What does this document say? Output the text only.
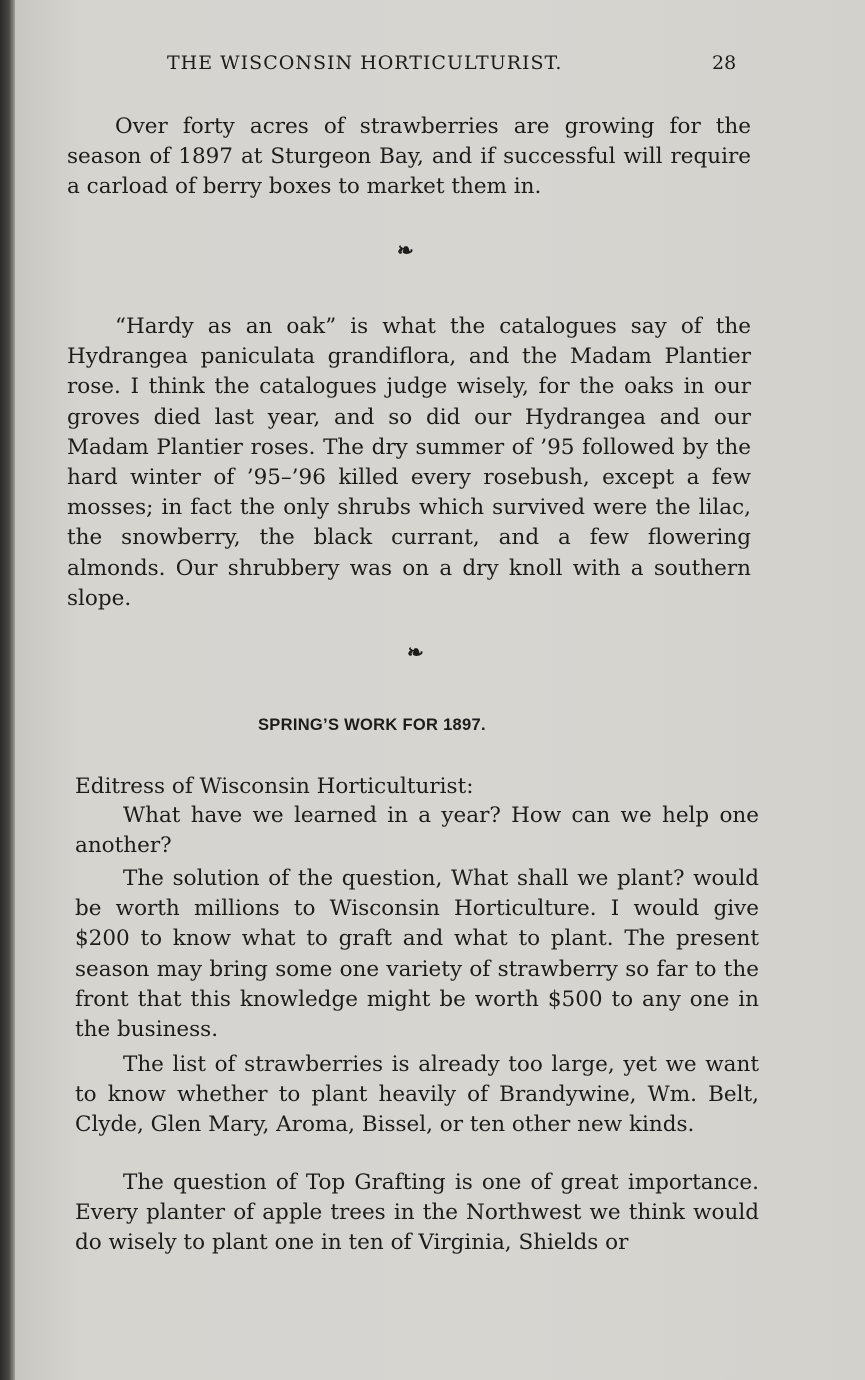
THE WISCONSIN HORTICULTURIST.	28

Over forty acres of strawberries are growing for the season of 1897 at Sturgeon Bay, and if successful will require a carload of berry boxes to market them in.

❧

“Hardy as an oak” is what the catalogues say of the Hydrangea paniculata grandiflora, and the Madam Plantier rose. I think the catalogues judge wisely, for the oaks in our groves died last year, and so did our Hydrangea and our Madam Plantier roses. The dry summer of ’95 followed by the hard winter of ’95–’96 killed every rosebush, except a few mosses; in fact the only shrubs which survived were the lilac, the snowberry, the black currant, and a few flowering almonds. Our shrubbery was on a dry knoll with a southern slope.

❧
SPRING’S WORK FOR 1897.

Editress of Wisconsin Horticulturist:

What have we learned in a year? How can we help one another?

The solution of the question, What shall we plant? would be worth millions to Wisconsin Horticulture. I would give $200 to know what to graft and what to plant. The present season may bring some one variety of strawberry so far to the front that this knowledge might be worth $500 to any one in the business.

The list of strawberries is already too large, yet we want to know whether to plant heavily of Brandywine, Wm. Belt, Clyde, Glen Mary, Aroma, Bissel, or ten other new kinds.

The question of Top Grafting is one of great importance. Every planter of apple trees in the Northwest we think would do wisely to plant one in ten of Virginia, Shields or
